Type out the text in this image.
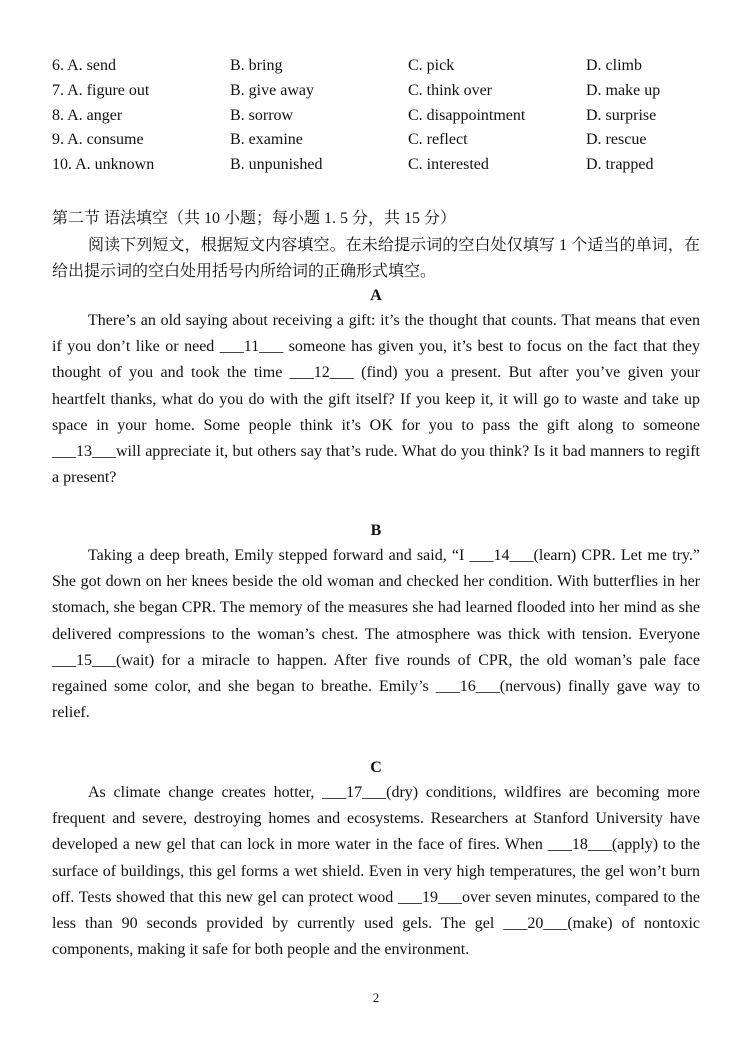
6. A. send	B. bring	C. pick	D. climb
7. A. figure out	B. give away	C. think over	D. make up
8. A. anger	B. sorrow	C. disappointment	D. surprise
9. A. consume	B. examine	C. reflect	D. rescue
10. A. unknown	B. unpunished	C. interested	D. trapped
第二节 语法填空（共 10 小题；每小题 1. 5 分，共 15 分）
阅读下列短文，根据短文内容填空。在未给提示词的空白处仅填写 1 个适当的单词，在给出提示词的空白处用括号内所给词的正确形式填空。
A
There’s an old saying about receiving a gift: it’s the thought that counts. That means that even if you don’t like or need ___11___ someone has given you, it’s best to focus on the fact that they thought of you and took the time ___12___ (find) you a present. But after you’ve given your heartfelt thanks, what do you do with the gift itself? If you keep it, it will go to waste and take up space in your home. Some people think it’s OK for you to pass the gift along to someone ___13___will appreciate it, but others say that’s rude. What do you think? Is it bad manners to regift a present?
B
Taking a deep breath, Emily stepped forward and said, “I ___14___(learn) CPR. Let me try.” She got down on her knees beside the old woman and checked her condition. With butterflies in her stomach, she began CPR. The memory of the measures she had learned flooded into her mind as she delivered compressions to the woman’s chest. The atmosphere was thick with tension. Everyone ___15___(wait) for a miracle to happen. After five rounds of CPR, the old woman’s pale face regained some color, and she began to breathe. Emily’s ___16___(nervous) finally gave way to relief.
C
As climate change creates hotter, ___17___(dry) conditions, wildfires are becoming more frequent and severe, destroying homes and ecosystems. Researchers at Stanford University have developed a new gel that can lock in more water in the face of fires. When ___18___(apply) to the surface of buildings, this gel forms a wet shield. Even in very high temperatures, the gel won’t burn off. Tests showed that this new gel can protect wood ___19___over seven minutes, compared to the less than 90 seconds provided by currently used gels. The gel ___20___(make) of nontoxic components, making it safe for both people and the environment.
2
